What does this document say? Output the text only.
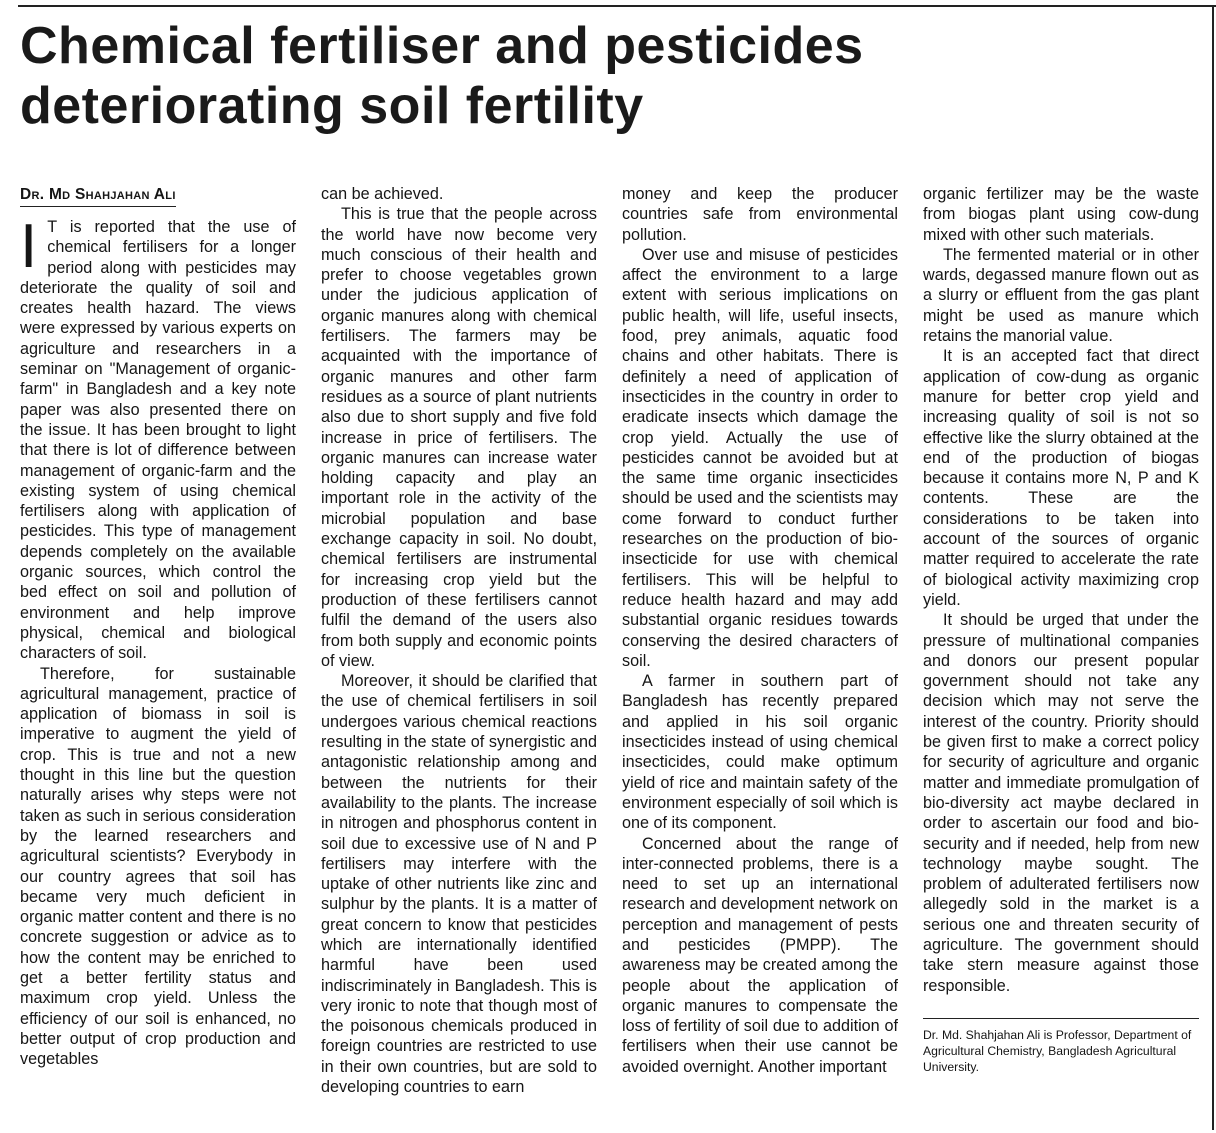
Chemical fertiliser and pesticides deteriorating soil fertility
Dr. Md Shahjahan Ali

I T is reported that the use of chemical fertilisers for a longer period along with pesticides may deteriorate the quality of soil and creates health hazard. The views were expressed by various experts on agriculture and researchers in a seminar on "Management of organic-farm" in Bangladesh and a key note paper was also presented there on the issue. It has been brought to light that there is lot of difference between management of organic-farm and the existing system of using chemical fertilisers along with application of pesticides. This type of management depends completely on the available organic sources, which control the bed effect on soil and pollution of environment and help improve physical, chemical and biological characters of soil.

Therefore, for sustainable agricultural management, practice of application of biomass in soil is imperative to augment the yield of crop. This is true and not a new thought in this line but the question naturally arises why steps were not taken as such in serious consideration by the learned researchers and agricultural scientists? Everybody in our country agrees that soil has became very much deficient in organic matter content and there is no concrete suggestion or advice as to how the content may be enriched to get a better fertility status and maximum crop yield. Unless the efficiency of our soil is enhanced, no better output of crop production and vegetables

can be achieved.

This is true that the people across the world have now become very much conscious of their health and prefer to choose vegetables grown under the judicious application of organic manures along with chemical fertilisers. The farmers may be acquainted with the importance of organic manures and other farm residues as a source of plant nutrients also due to short supply and five fold increase in price of fertilisers. The organic manures can increase water holding capacity and play an important role in the activity of the microbial population and base exchange capacity in soil. No doubt, chemical fertilisers are instrumental for increasing crop yield but the production of these fertilisers cannot fulfil the demand of the users also from both supply and economic points of view.

Moreover, it should be clarified that the use of chemical fertilisers in soil undergoes various chemical reactions resulting in the state of synergistic and antagonistic relationship among and between the nutrients for their availability to the plants. The increase in nitrogen and phosphorus content in soil due to excessive use of N and P fertilisers may interfere with the uptake of other nutrients like zinc and sulphur by the plants. It is a matter of great concern to know that pesticides which are internationally identified harmful have been used indiscriminately in Bangladesh. This is very ironic to note that though most of the poisonous chemicals produced in foreign countries are restricted to use in their own countries, but are sold to developing countries to earn

money and keep the producer countries safe from environmental pollution.

Over use and misuse of pesticides affect the environment to a large extent with serious implications on public health, will life, useful insects, food, prey animals, aquatic food chains and other habitats. There is definitely a need of application of insecticides in the country in order to eradicate insects which damage the crop yield. Actually the use of pesticides cannot be avoided but at the same time organic insecticides should be used and the scientists may come forward to conduct further researches on the production of bio-insecticide for use with chemical fertilisers. This will be helpful to reduce health hazard and may add substantial organic residues towards conserving the desired characters of soil.

A farmer in southern part of Bangladesh has recently prepared and applied in his soil organic insecticides instead of using chemical insecticides, could make optimum yield of rice and maintain safety of the environment especially of soil which is one of its component.

Concerned about the range of inter-connected problems, there is a need to set up an international research and development network on perception and management of pests and pesticides (PMPP). The awareness may be created among the people about the application of organic manures to compensate the loss of fertility of soil due to addition of fertilisers when their use cannot be avoided overnight. Another important

organic fertilizer may be the waste from biogas plant using cow-dung mixed with other such materials.

The fermented material or in other wards, degassed manure flown out as a slurry or effluent from the gas plant might be used as manure which retains the manorial value.

It is an accepted fact that direct application of cow-dung as organic manure for better crop yield and increasing quality of soil is not so effective like the slurry obtained at the end of the production of biogas because it contains more N, P and K contents. These are the considerations to be taken into account of the sources of organic matter required to accelerate the rate of biological activity maximizing crop yield.

It should be urged that under the pressure of multinational companies and donors our present popular government should not take any decision which may not serve the interest of the country. Priority should be given first to make a correct policy for security of agriculture and organic matter and immediate promulgation of bio-diversity act maybe declared in order to ascertain our food and bio-security and if needed, help from new technology maybe sought. The problem of adulterated fertilisers now allegedly sold in the market is a serious one and threaten security of agriculture. The government should take stern measure against those responsible.

Dr. Md. Shahjahan Ali is Professor, Department of Agricultural Chemistry, Bangladesh Agricultural University.
